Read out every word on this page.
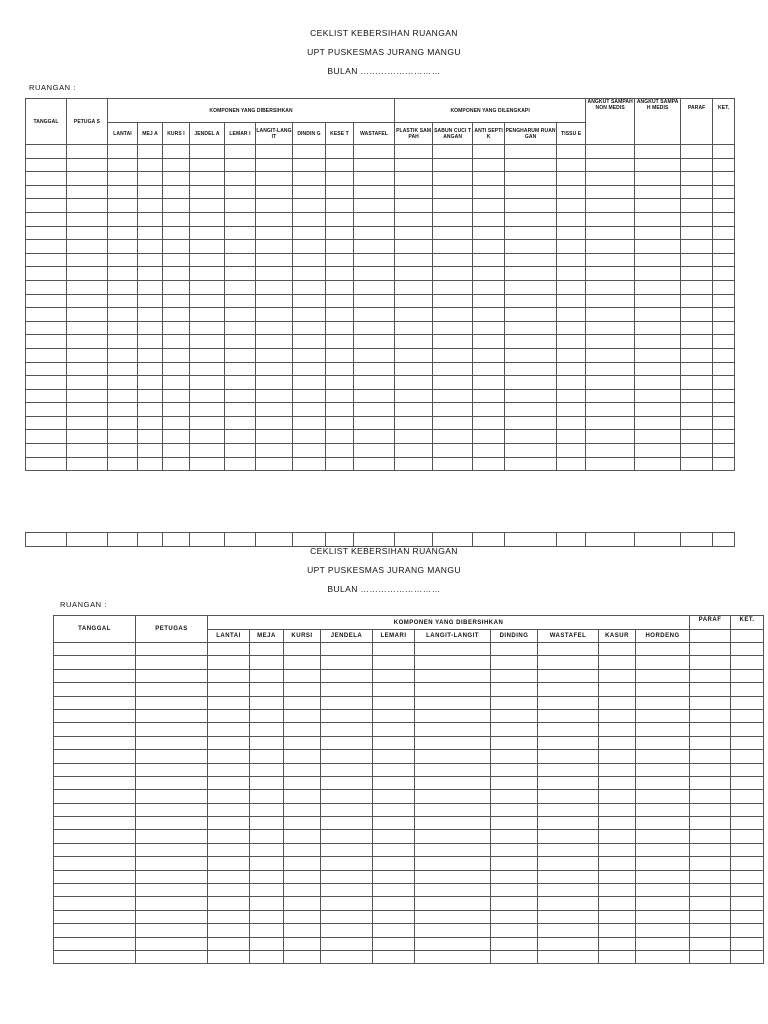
CEKLIST KEBERSIHAN RUANGAN
UPT PUSKESMAS JURANG MANGU
BULAN ………………………
RUANGAN :
TANGGAL	PETUGA S	KOMPONEN YANG DIBERSIHKAN									KOMPONEN YANG DILENGKAPI					ANGKUT SAMPAH NON MEDIS	ANGKUT SAMPAH MEDIS	PARAF	KET.
		LANTAI	MEJ A	KURS I	JENDEL A	LEMAR I	LANGIT-LANGIT	DINDIN G	KESE T	WASTAFEL	PLASTIK SAMPAH	SABUN CUCI TANGAN	ANTI SEPTIK	PENGHARUM RUANGAN	TISSU E				

CEKLIST KEBERSIHAN RUANGAN
UPT PUSKESMAS JURANG MANGU
BULAN ………………………
RUANGAN :
TANGGAL	PETUGAS	KOMPONEN YANG DIBERSIHKAN										PARAF	KET.
		LANTAI	MEJA	KURSI	JENDELA	LEMARI	LANGIT-LANGIT	DINDING	WASTAFEL	KASUR	HORDENG		
